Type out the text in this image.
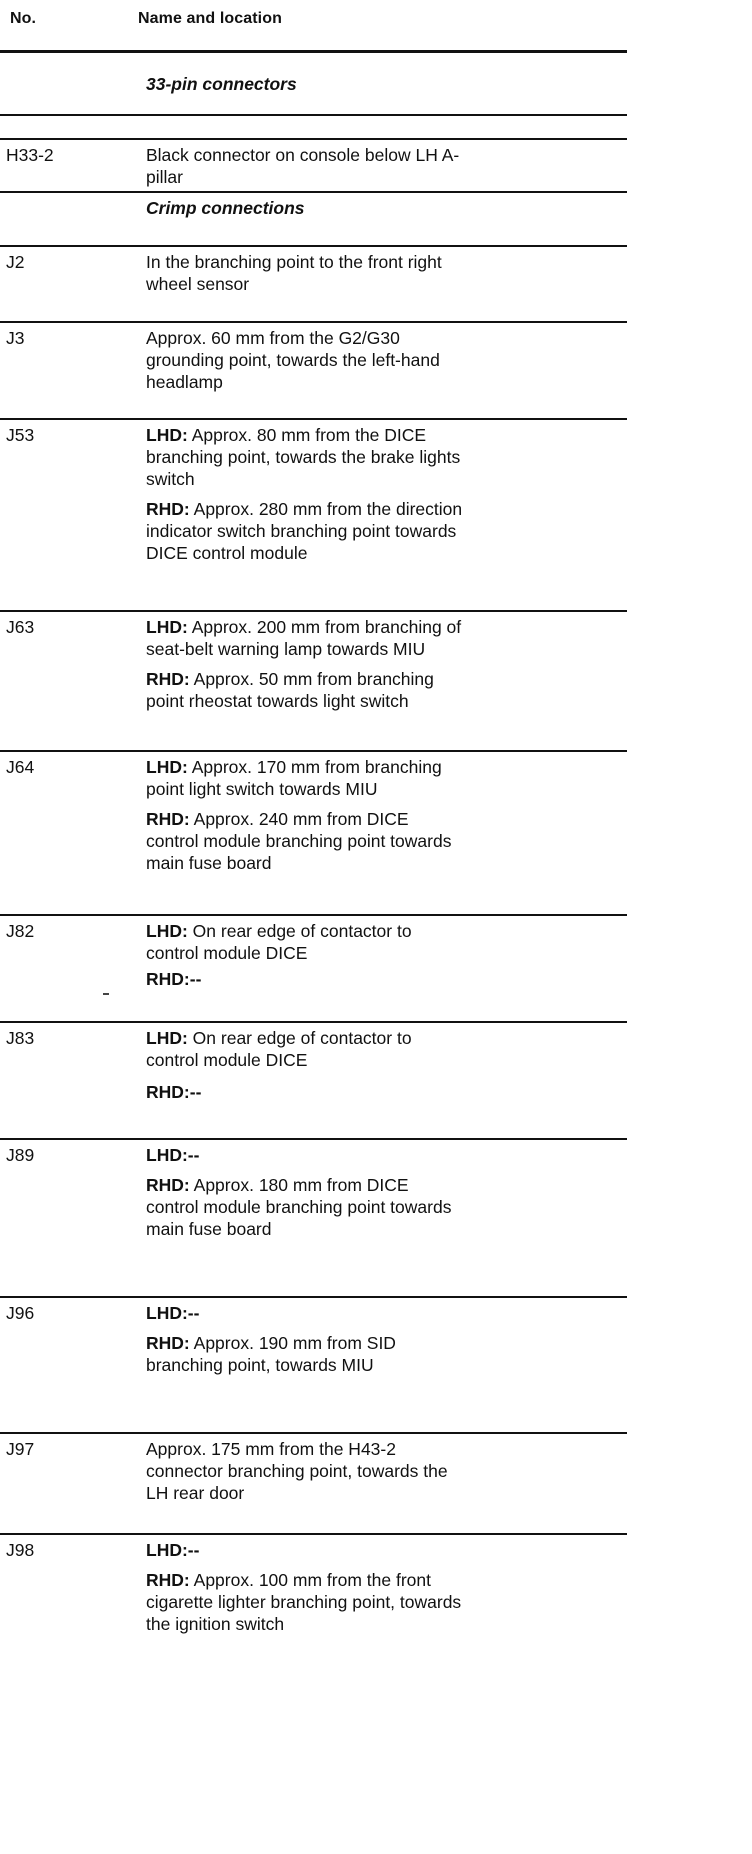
No.	Name and location
33-pin connectors
H33-2	Black connector on console below LH A-
pillar
Crimp connections
J2	In the branching point to the front right
wheel sensor
J3	Approx. 60 mm from the G2/G30
grounding point, towards the left-hand
headlamp
J53	LHD: Approx. 80 mm from the DICE
branching point, towards the brake lights
switch

RHD: Approx. 280 mm from the direction
indicator switch branching point towards
DICE control module

J63	LHD: Approx. 200 mm from branching of
seat-belt warning lamp towards MIU

RHD: Approx. 50 mm from branching
point rheostat towards light switch

J64	LHD: Approx. 170 mm from branching
point light switch towards MIU

RHD: Approx. 240 mm from DICE
control module branching point towards
main fuse board

J82	LHD: On rear edge of contactor to
control module DICE
RHD:--
J83	LHD: On rear edge of contactor to
control module DICE
RHD:--
J89	LHD:--

RHD: Approx. 180 mm from DICE
control module branching point towards
main fuse board

J96	LHD:--

RHD: Approx. 190 mm from SID
branching point, towards MIU

J97	Approx. 175 mm from the H43-2
connector branching point, towards the
LH rear door
J98	LHD:--

RHD: Approx. 100 mm from the front
cigarette lighter branching point, towards
the ignition switch
